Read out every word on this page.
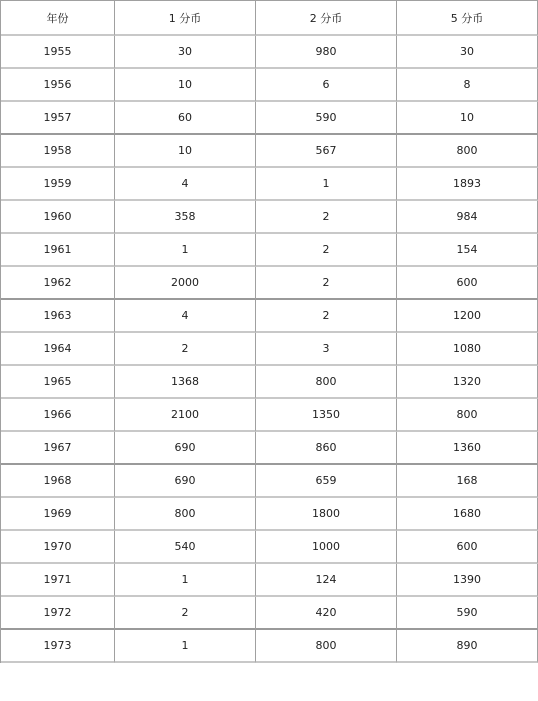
年份	1 分币	2 分币	5 分币
1955	30	980	30
1956	10	6	8
1957	60	590	10
1958	10	567	800
1959	4	1	1893
1960	358	2	984
1961	1	2	154
1962	2000	2	600
1963	4	2	1200
1964	2	3	1080
1965	1368	800	1320
1966	2100	1350	800
1967	690	860	1360
1968	690	659	168
1969	800	1800	1680
1970	540	1000	600
1971	1	124	1390
1972	2	420	590
1973	1	800	890
